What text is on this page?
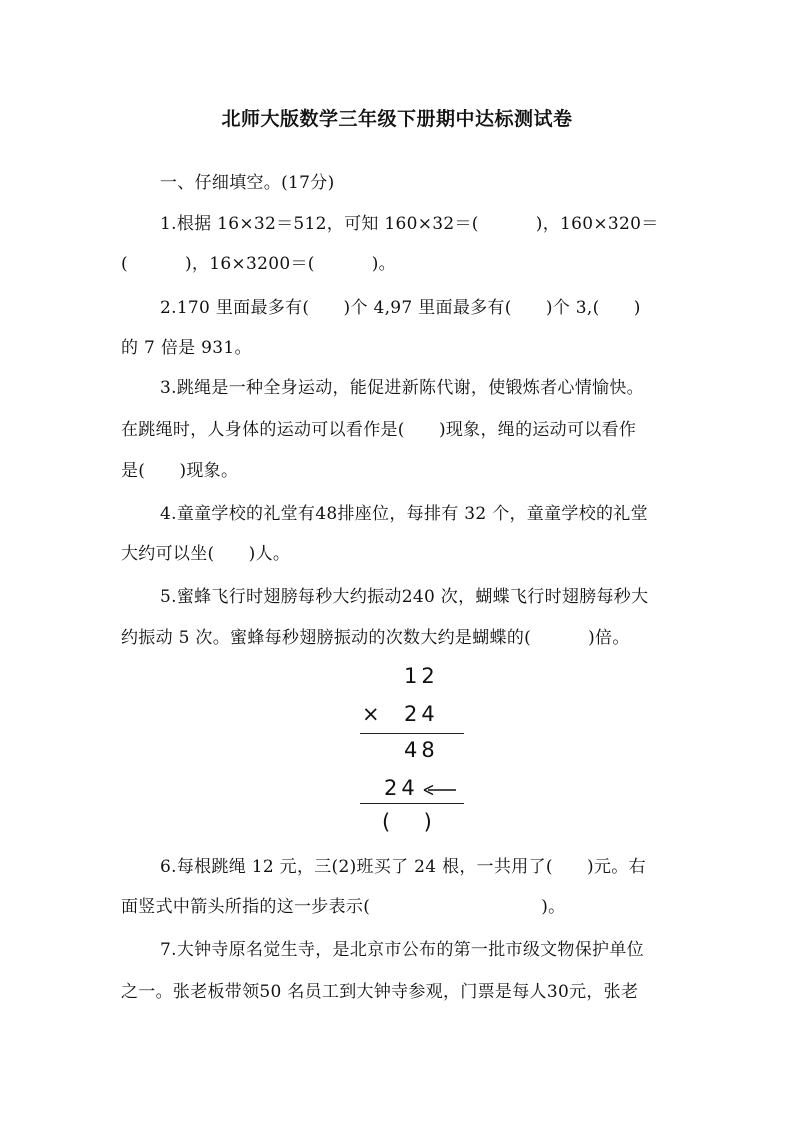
北师大版数学三年级下册期中达标测试卷
一、仔细填空。(17分)
1.根据 16×32＝512，可知 160×32＝(          )，160×320＝
(          )，16×3200＝(          )。
2.170 里面最多有(      )个 4,97 里面最多有(      )个 3,(      )
的 7 倍是 931。
3.跳绳是一种全身运动，能促进新陈代谢，使锻炼者心情愉快。
在跳绳时，人身体的运动可以看作是(      )现象，绳的运动可以看作
是(      )现象。
4.童童学校的礼堂有48排座位，每排有 32 个，童童学校的礼堂
大约可以坐(      )人。
5.蜜蜂飞行时翅膀每秒大约振动240 次，蝴蝶飞行时翅膀每秒大
约振动 5 次。蜜蜂每秒翅膀振动的次数大约是蝴蝶的(          )倍。
12
× 24
48
24
(     )
6.每根跳绳 12 元，三(2)班买了 24 根，一共用了(      )元。右
面竖式中箭头所指的这一步表示(                              )。
7.大钟寺原名觉生寺，是北京市公布的第一批市级文物保护单位
之一。张老板带领50 名员工到大钟寺参观，门票是每人30元，张老
